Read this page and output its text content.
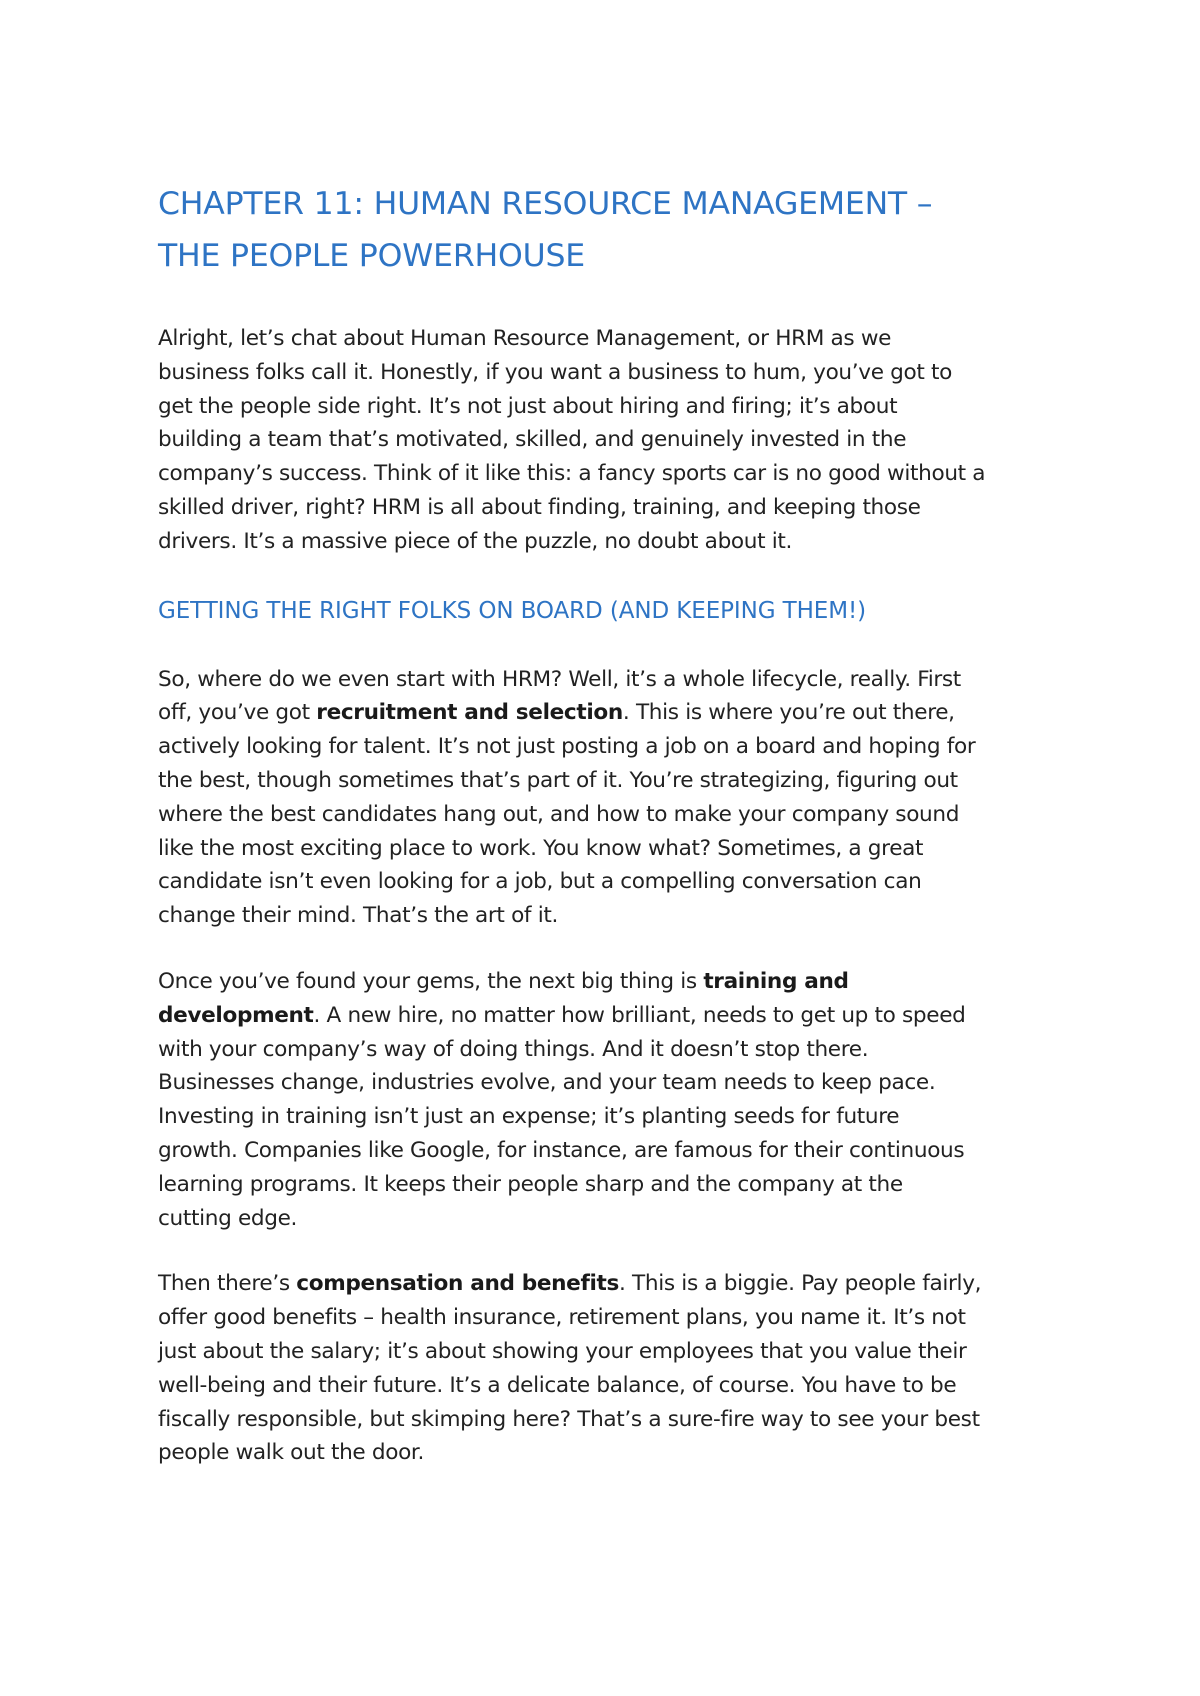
CHAPTER 11: HUMAN RESOURCE MANAGEMENT –
THE PEOPLE POWERHOUSE

Alright, let’s chat about Human Resource Management, or HRM as we
business folks call it. Honestly, if you want a business to hum, you’ve got to
get the people side right. It’s not just about hiring and firing; it’s about
building a team that’s motivated, skilled, and genuinely invested in the
company’s success. Think of it like this: a fancy sports car is no good without a
skilled driver, right? HRM is all about finding, training, and keeping those
drivers. It’s a massive piece of the puzzle, no doubt about it.

GETTING THE RIGHT FOLKS ON BOARD (AND KEEPING THEM!)

So, where do we even start with HRM? Well, it’s a whole lifecycle, really. First
off, you’ve got recruitment and selection. This is where you’re out there,
actively looking for talent. It’s not just posting a job on a board and hoping for
the best, though sometimes that’s part of it. You’re strategizing, figuring out
where the best candidates hang out, and how to make your company sound
like the most exciting place to work. You know what? Sometimes, a great
candidate isn’t even looking for a job, but a compelling conversation can
change their mind. That’s the art of it.

Once you’ve found your gems, the next big thing is training and
development. A new hire, no matter how brilliant, needs to get up to speed
with your company’s way of doing things. And it doesn’t stop there.
Businesses change, industries evolve, and your team needs to keep pace.
Investing in training isn’t just an expense; it’s planting seeds for future
growth. Companies like Google, for instance, are famous for their continuous
learning programs. It keeps their people sharp and the company at the
cutting edge.

Then there’s compensation and benefits. This is a biggie. Pay people fairly,
offer good benefits – health insurance, retirement plans, you name it. It’s not
just about the salary; it’s about showing your employees that you value their
well-being and their future. It’s a delicate balance, of course. You have to be
fiscally responsible, but skimping here? That’s a sure-fire way to see your best
people walk out the door.
